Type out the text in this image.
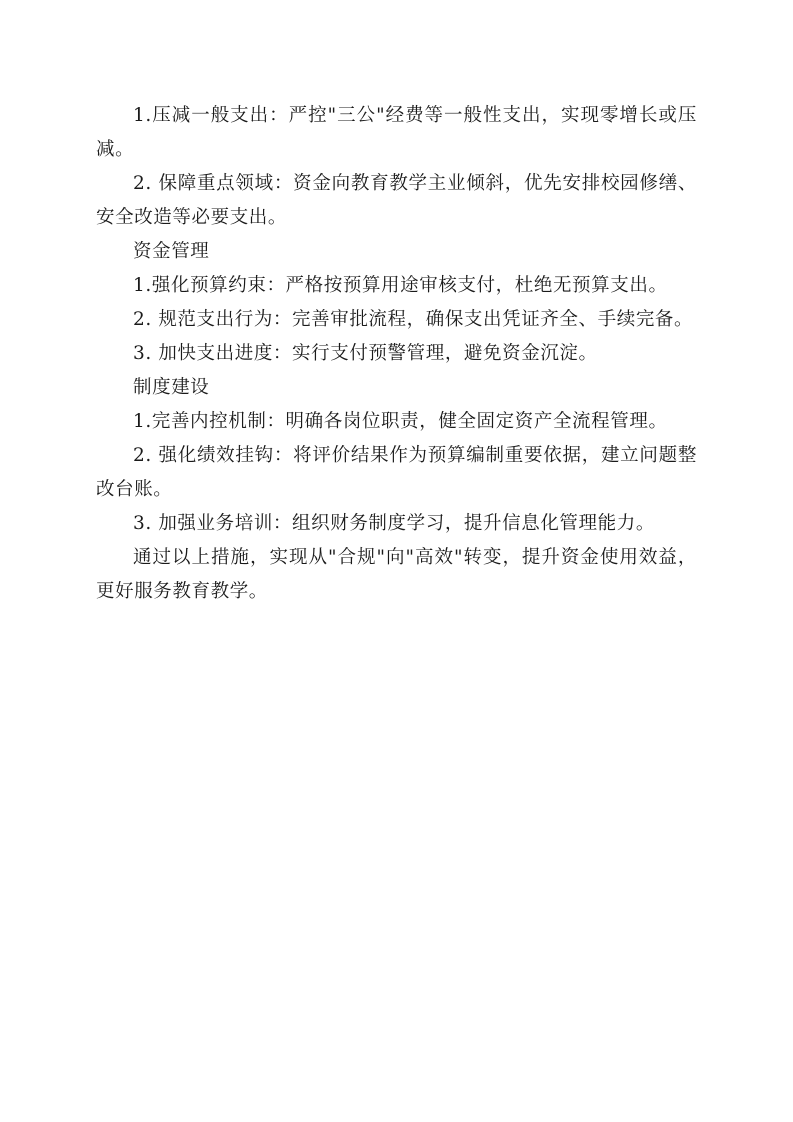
1.压减一般支出：严控"三公"经费等一般性支出，实现零增长或压减。

2. 保障重点领域：资金向教育教学主业倾斜，优先安排校园修缮、安全改造等必要支出。

资金管理

1.强化预算约束：严格按预算用途审核支付，杜绝无预算支出。

2. 规范支出行为：完善审批流程，确保支出凭证齐全、手续完备。

3. 加快支出进度：实行支付预警管理，避免资金沉淀。

制度建设

1.完善内控机制：明确各岗位职责，健全固定资产全流程管理。

2. 强化绩效挂钩：将评价结果作为预算编制重要依据，建立问题整改台账。

3. 加强业务培训：组织财务制度学习，提升信息化管理能力。

通过以上措施，实现从"合规"向"高效"转变，提升资金使用效益，更好服务教育教学。
